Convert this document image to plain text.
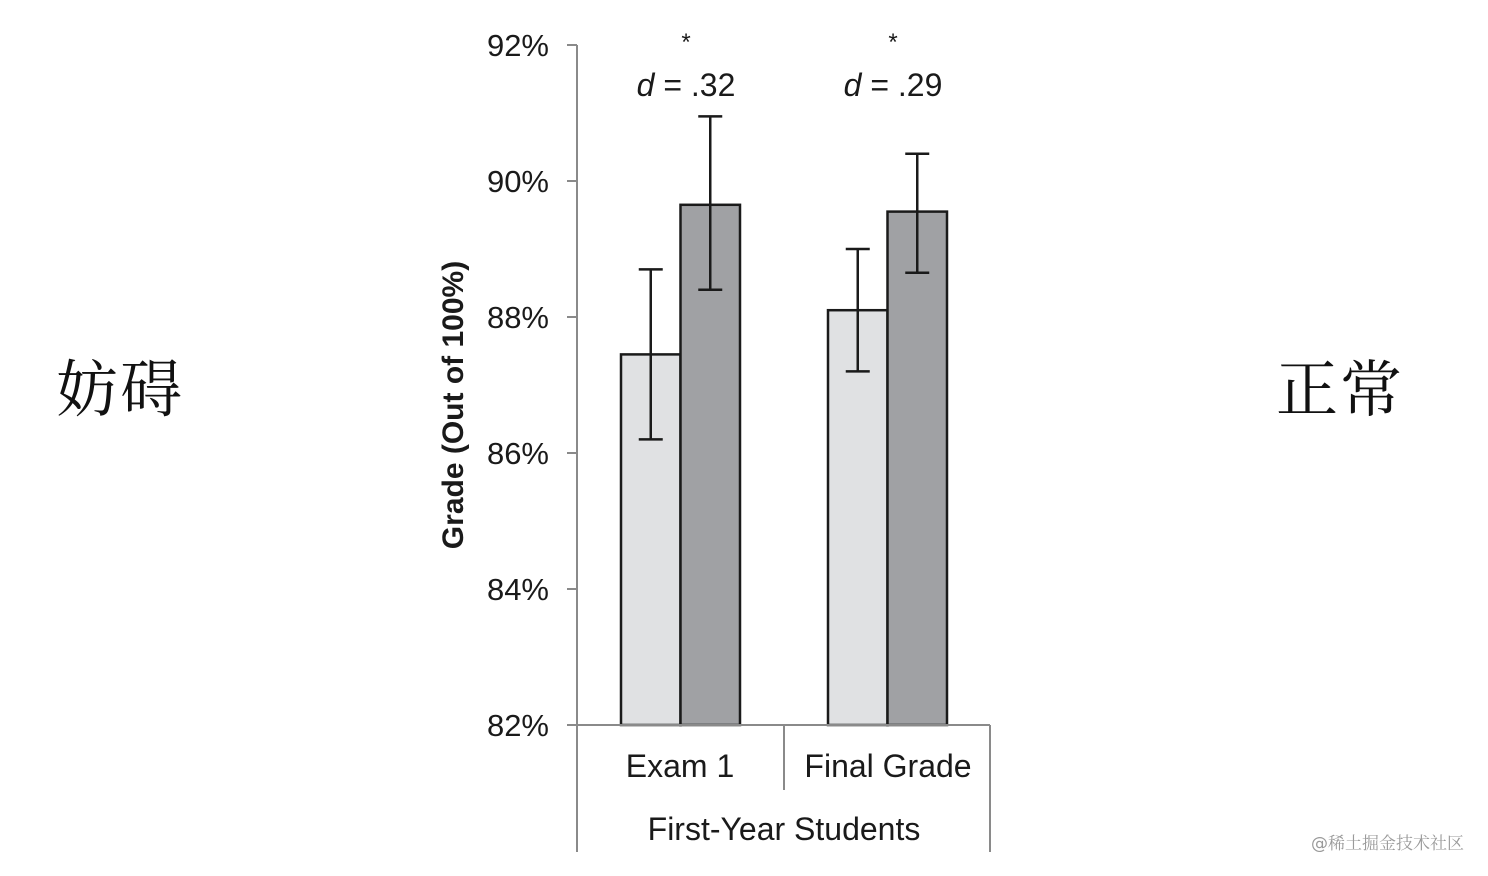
妨碍	正常
82%
84%
86%
88%
90%
92%
Exam 1 Final Grade
*
d = .32
*
d = .29
First-Year Students
Grade (Out of 100%)
@稀土掘金技术社区
